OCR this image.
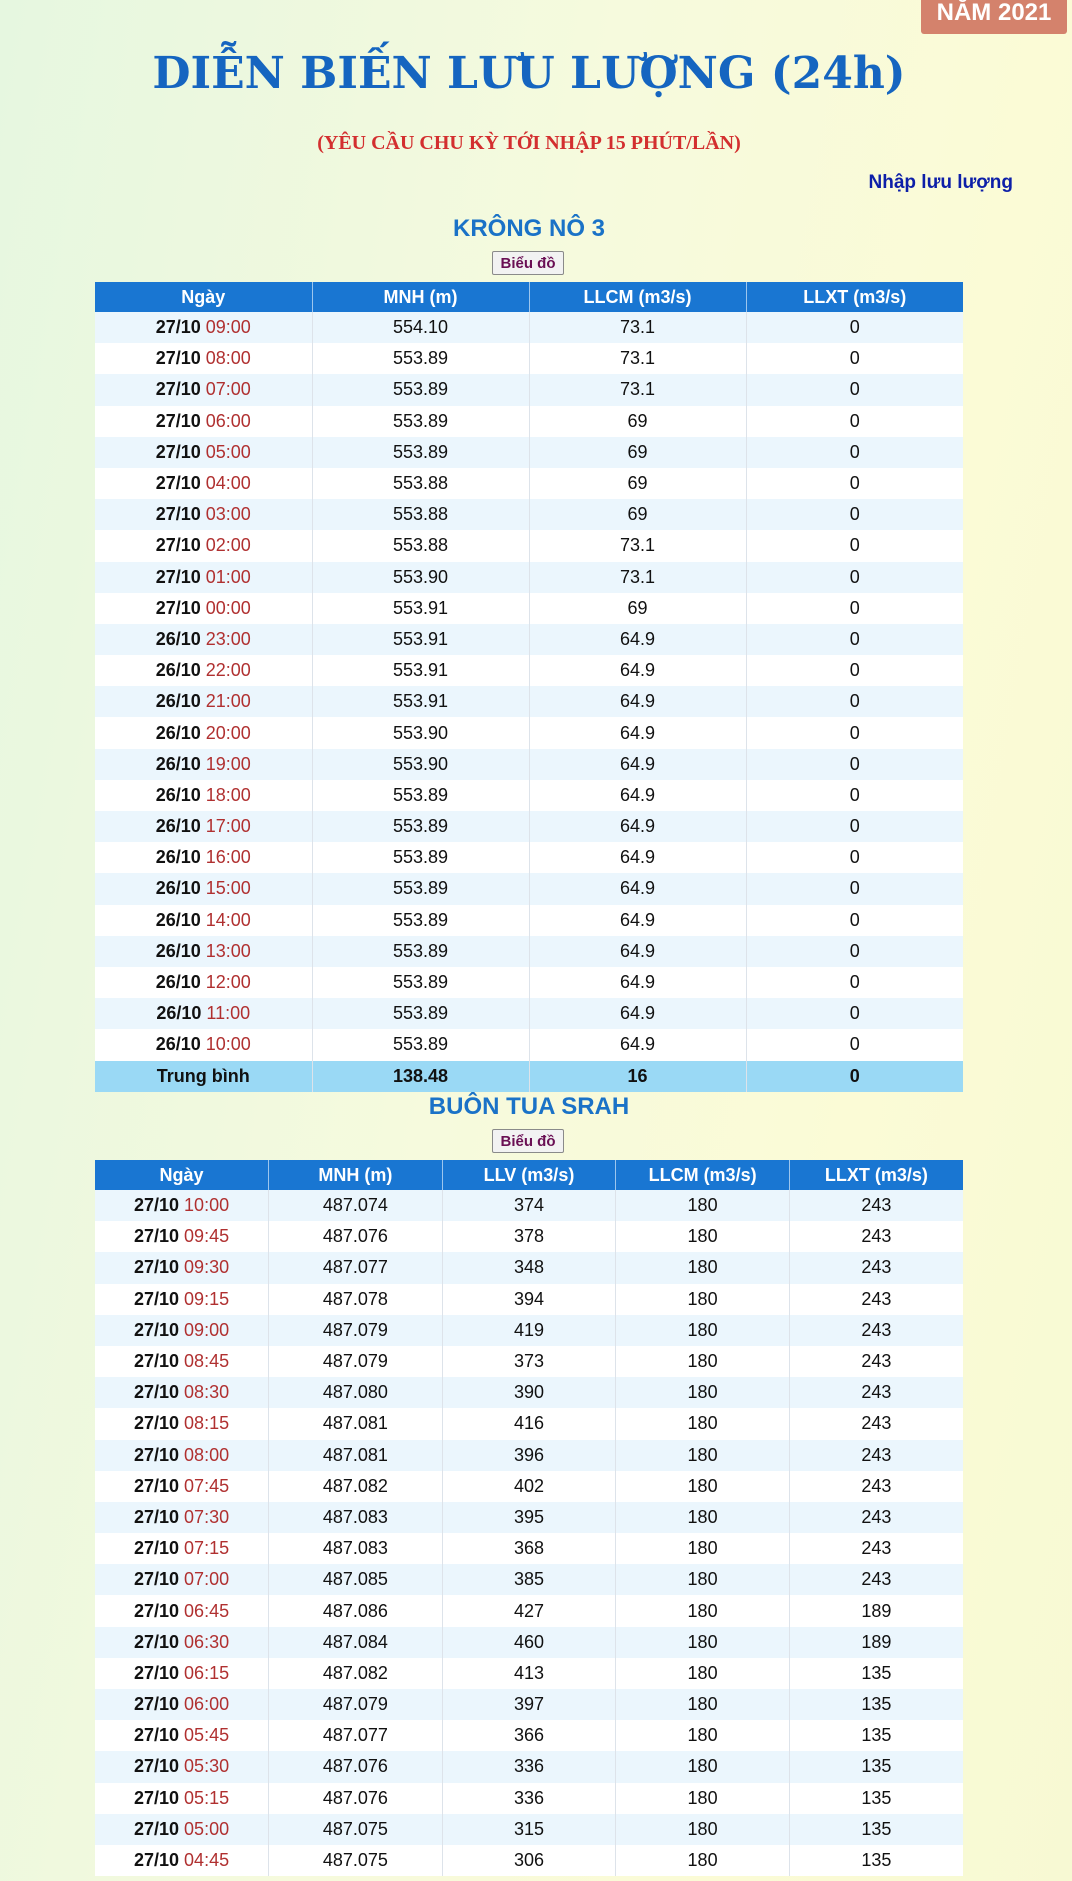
NĂM 2021
DIỄN BIẾN LƯU LƯỢNG (24h)

(YÊU CẦU CHU KỲ TỚI NHẬP 15 PHÚT/LẦN)

Nhập lưu lượng
KRÔNG NÔ 3
Biểu đồ
Ngày	MNH (m)	LLCM (m3/s)	LLXT (m3/s)
27/10 09:00	554.10	73.1	0
27/10 08:00	553.89	73.1	0
27/10 07:00	553.89	73.1	0
27/10 06:00	553.89	69	0
27/10 05:00	553.89	69	0
27/10 04:00	553.88	69	0
27/10 03:00	553.88	69	0
27/10 02:00	553.88	73.1	0
27/10 01:00	553.90	73.1	0
27/10 00:00	553.91	69	0
26/10 23:00	553.91	64.9	0
26/10 22:00	553.91	64.9	0
26/10 21:00	553.91	64.9	0
26/10 20:00	553.90	64.9	0
26/10 19:00	553.90	64.9	0
26/10 18:00	553.89	64.9	0
26/10 17:00	553.89	64.9	0
26/10 16:00	553.89	64.9	0
26/10 15:00	553.89	64.9	0
26/10 14:00	553.89	64.9	0
26/10 13:00	553.89	64.9	0
26/10 12:00	553.89	64.9	0
26/10 11:00	553.89	64.9	0
26/10 10:00	553.89	64.9	0
Trung bình	138.48	16	0
BUÔN TUA SRAH
Biểu đồ
Ngày	MNH (m)	LLV (m3/s)	LLCM (m3/s)	LLXT (m3/s)
27/10 10:00	487.074	374	180	243
27/10 09:45	487.076	378	180	243
27/10 09:30	487.077	348	180	243
27/10 09:15	487.078	394	180	243
27/10 09:00	487.079	419	180	243
27/10 08:45	487.079	373	180	243
27/10 08:30	487.080	390	180	243
27/10 08:15	487.081	416	180	243
27/10 08:00	487.081	396	180	243
27/10 07:45	487.082	402	180	243
27/10 07:30	487.083	395	180	243
27/10 07:15	487.083	368	180	243
27/10 07:00	487.085	385	180	243
27/10 06:45	487.086	427	180	189
27/10 06:30	487.084	460	180	189
27/10 06:15	487.082	413	180	135
27/10 06:00	487.079	397	180	135
27/10 05:45	487.077	366	180	135
27/10 05:30	487.076	336	180	135
27/10 05:15	487.076	336	180	135
27/10 05:00	487.075	315	180	135
27/10 04:45	487.075	306	180	135
